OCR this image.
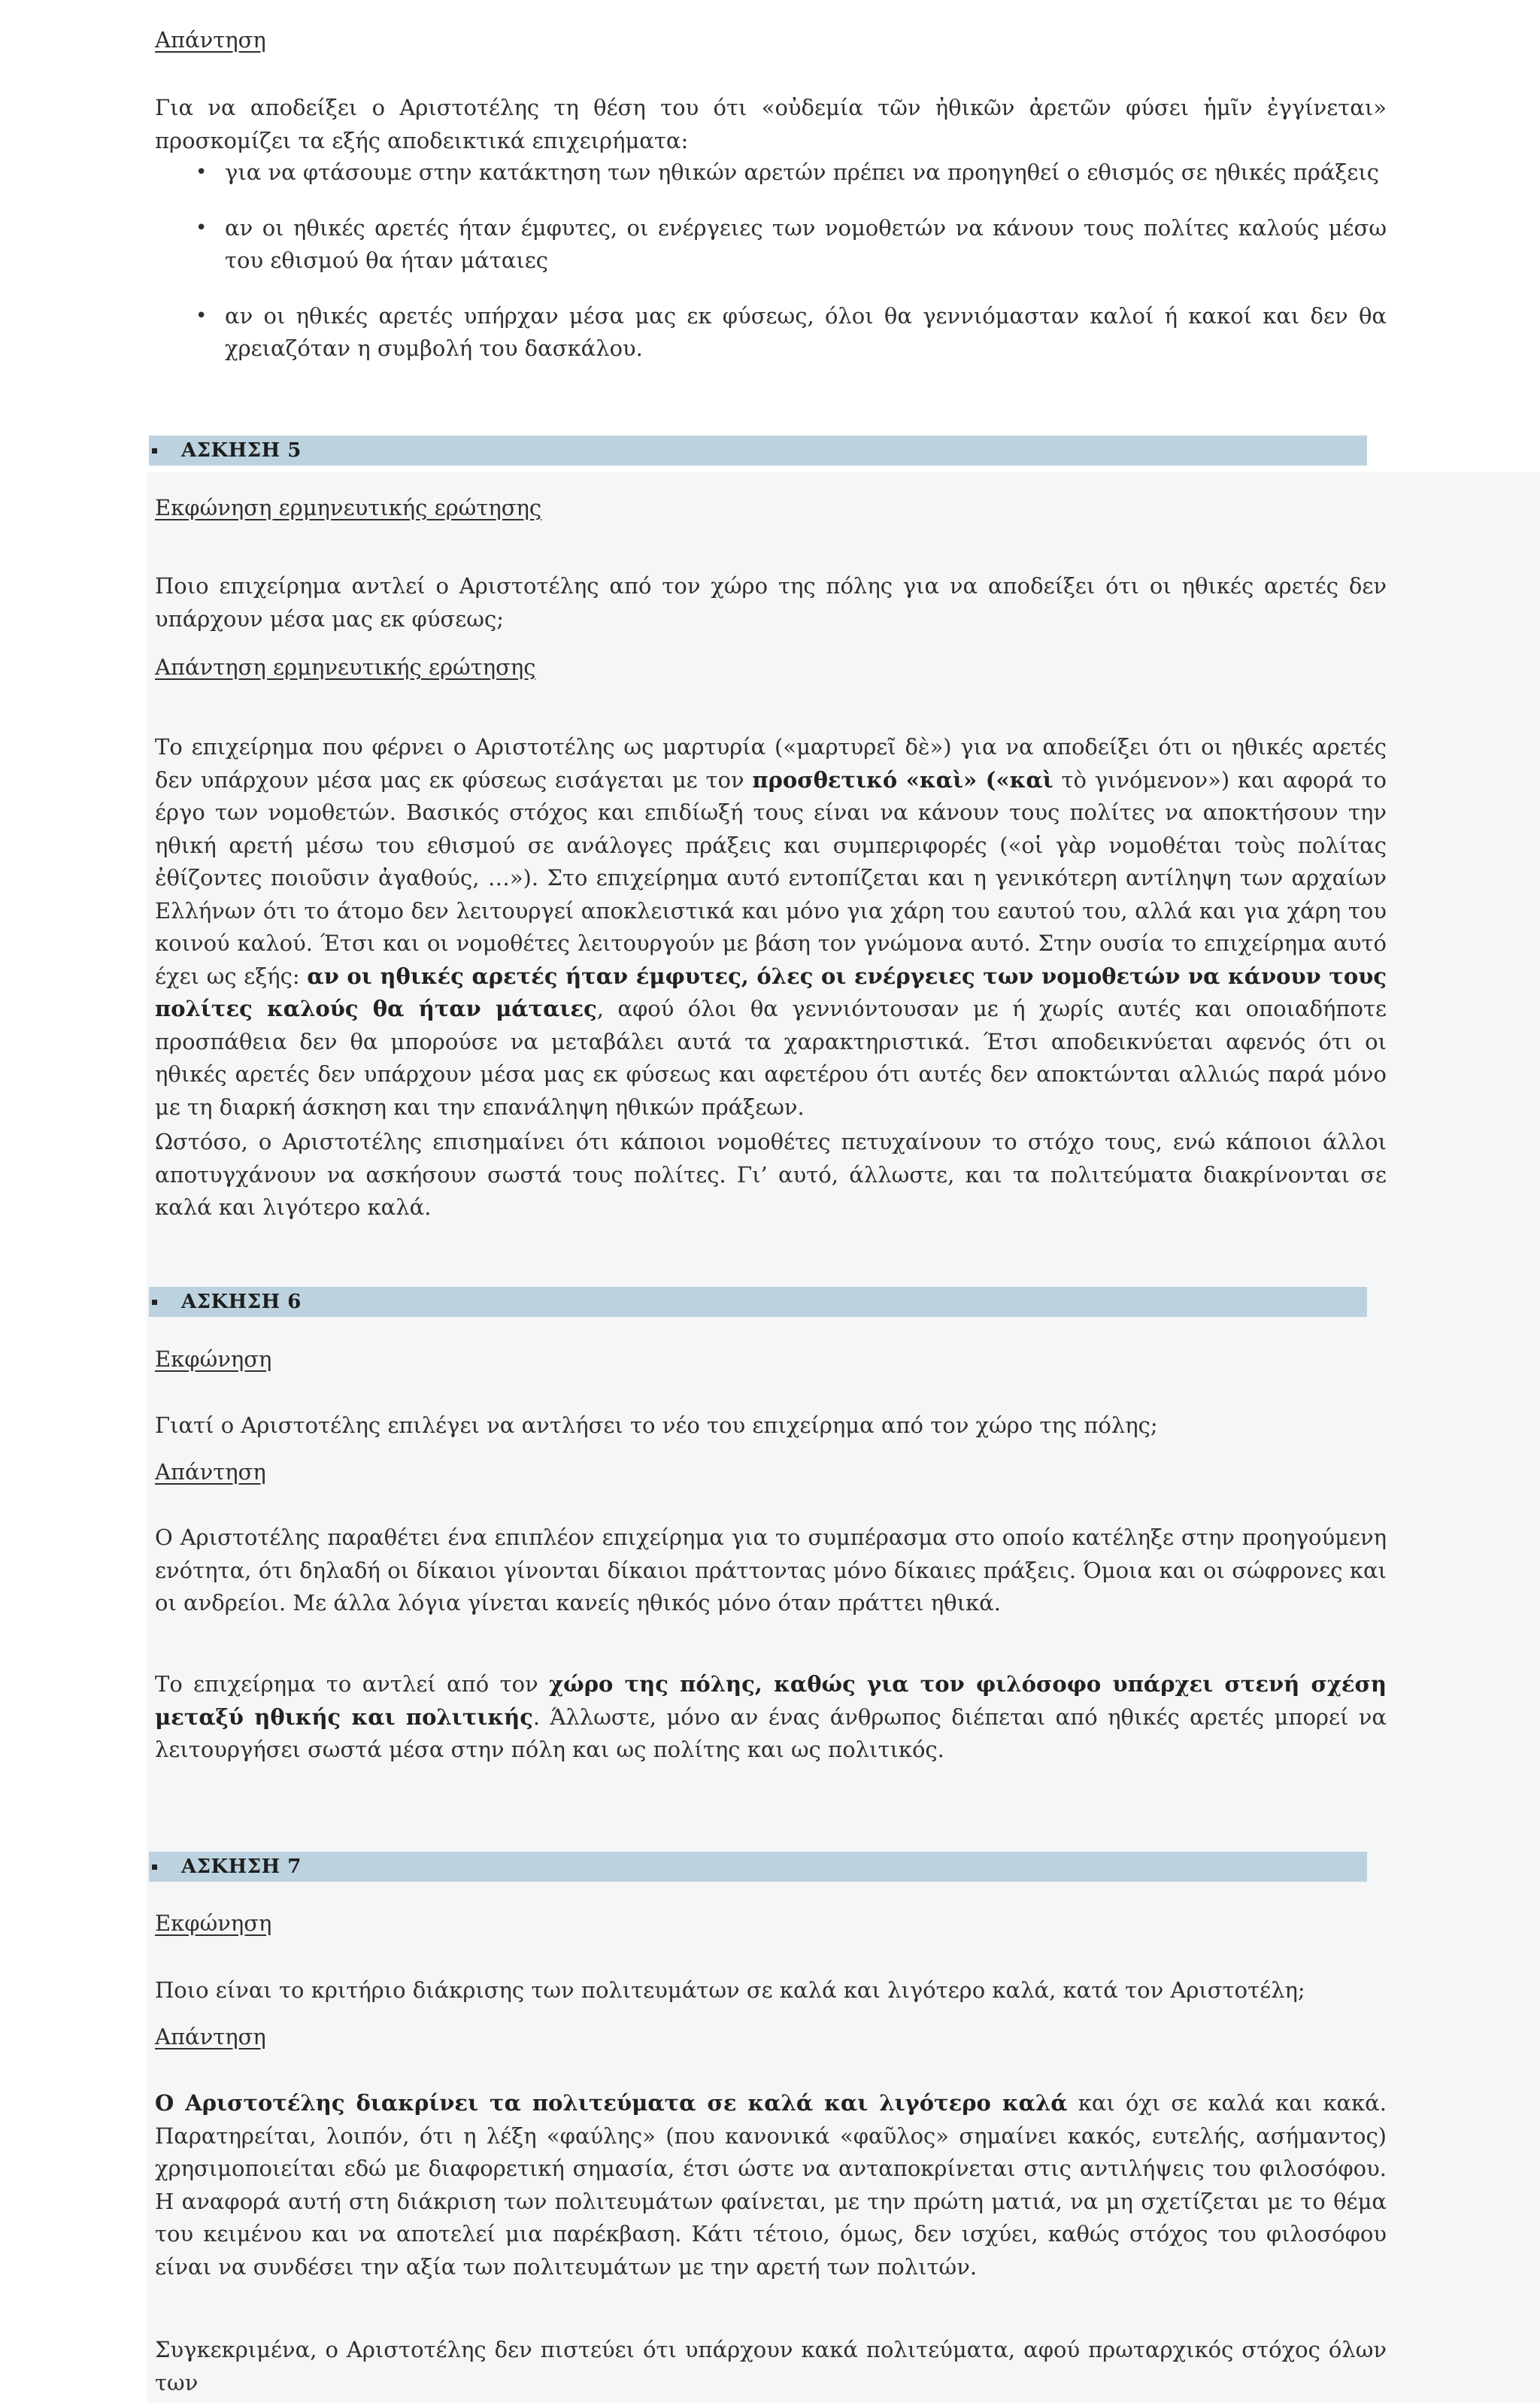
Απάντηση
Για να αποδείξει ο Αριστοτέλης τη θέση του ότι «οὐδεμία τῶν ἠθικῶν ἀρετῶν φύσει ἡμῖν ἐγγίνεται» προσκομίζει τα εξής αποδεικτικά επιχειρήματα:
• για να φτάσουμε στην κατάκτηση των ηθικών αρετών πρέπει να προηγηθεί ο εθισμός σε ηθικές πράξεις
• αν οι ηθικές αρετές ήταν έμφυτες, οι ενέργειες των νομοθετών να κάνουν τους πολίτες καλούς μέσω του εθισμού θα ήταν μάταιες
• αν οι ηθικές αρετές υπήρχαν μέσα μας εκ φύσεως, όλοι θα γεννιόμασταν καλοί ή κακοί και δεν θα χρειαζόταν η συμβολή του δασκάλου.
ΑΣΚΗΣΗ 5
Εκφώνηση ερμηνευτικής ερώτησης
Ποιο επιχείρημα αντλεί ο Αριστοτέλης από τον χώρο της πόλης για να αποδείξει ότι οι ηθικές αρετές δεν υπάρχουν μέσα μας εκ φύσεως;
Απάντηση ερμηνευτικής ερώτησης
Το επιχείρημα που φέρνει ο Αριστοτέλης ως μαρτυρία («μαρτυρεῖ δὲ») για να αποδείξει ότι οι ηθικές αρετές δεν υπάρχουν μέσα μας εκ φύσεως εισάγεται με τον προσθετικό «καὶ» («καὶ τὸ γινόμενον») και αφορά το έργο των νομοθετών. Βασικός στόχος και επιδίωξή τους είναι να κάνουν τους πολίτες να αποκτήσουν την ηθική αρετή μέσω του εθισμού σε ανάλογες πράξεις και συμπεριφορές («οἱ γὰρ νομοθέται τοὺς πολίτας ἐθίζοντες ποιοῦσιν ἀγαθούς, …»). Στο επιχείρημα αυτό εντοπίζεται και η γενικότερη αντίληψη των αρχαίων Ελλήνων ότι το άτομο δεν λειτουργεί αποκλειστικά και μόνο για χάρη του εαυτού του, αλλά και για χάρη του κοινού καλού. Έτσι και οι νομοθέτες λειτουργούν με βάση τον γνώμονα αυτό. Στην ουσία το επιχείρημα αυτό έχει ως εξής: αν οι ηθικές αρετές ήταν έμφυτες, όλες οι ενέργειες των νομοθετών να κάνουν τους πολίτες καλούς θα ήταν μάταιες, αφού όλοι θα γεννιόντουσαν με ή χωρίς αυτές και οποιαδήποτε προσπάθεια δεν θα μπορούσε να μεταβάλει αυτά τα χαρακτηριστικά. Έτσι αποδεικνύεται αφενός ότι οι ηθικές αρετές δεν υπάρχουν μέσα μας εκ φύσεως και αφετέρου ότι αυτές δεν αποκτώνται αλλιώς παρά μόνο με τη διαρκή άσκηση και την επανάληψη ηθικών πράξεων.
Ωστόσο, ο Αριστοτέλης επισημαίνει ότι κάποιοι νομοθέτες πετυχαίνουν το στόχο τους, ενώ κάποιοι άλλοι αποτυγχάνουν να ασκήσουν σωστά τους πολίτες. Γι’ αυτό, άλλωστε, και τα πολιτεύματα διακρίνονται σε καλά και λιγότερο καλά.
ΑΣΚΗΣΗ 6
Εκφώνηση
Γιατί ο Αριστοτέλης επιλέγει να αντλήσει το νέο του επιχείρημα από τον χώρο της πόλης;
Απάντηση
Ο Αριστοτέλης παραθέτει ένα επιπλέον επιχείρημα για το συμπέρασμα στο οποίο κατέληξε στην προηγούμενη ενότητα, ότι δηλαδή οι δίκαιοι γίνονται δίκαιοι πράττοντας μόνο δίκαιες πράξεις. Όμοια και οι σώφρονες και οι ανδρείοι. Με άλλα λόγια γίνεται κανείς ηθικός μόνο όταν πράττει ηθικά.
Το επιχείρημα το αντλεί από τον χώρο της πόλης, καθώς για τον φιλόσοφο υπάρχει στενή σχέση μεταξύ ηθικής και πολιτικής. Άλλωστε, μόνο αν ένας άνθρωπος διέπεται από ηθικές αρετές μπορεί να λειτουργήσει σωστά μέσα στην πόλη και ως πολίτης και ως πολιτικός.
ΑΣΚΗΣΗ 7
Εκφώνηση
Ποιο είναι το κριτήριο διάκρισης των πολιτευμάτων σε καλά και λιγότερο καλά, κατά τον Αριστοτέλη;
Απάντηση
Ο Αριστοτέλης διακρίνει τα πολιτεύματα σε καλά και λιγότερο καλά και όχι σε καλά και κακά. Παρατηρείται, λοιπόν, ότι η λέξη «φαύλης» (που κανονικά «φαῦλος» σημαίνει κακός, ευτελής, ασήμαντος) χρησιμοποιείται εδώ με διαφορετική σημασία, έτσι ώστε να ανταποκρίνεται στις αντιλήψεις του φιλοσόφου. Η αναφορά αυτή στη διάκριση των πολιτευμάτων φαίνεται, με την πρώτη ματιά, να μη σχετίζεται με το θέμα του κειμένου και να αποτελεί μια παρέκβαση. Κάτι τέτοιο, όμως, δεν ισχύει, καθώς στόχος του φιλοσόφου είναι να συνδέσει την αξία των πολιτευμάτων με την αρετή των πολιτών.
Συγκεκριμένα, ο Αριστοτέλης δεν πιστεύει ότι υπάρχουν κακά πολιτεύματα, αφού πρωταρχικός στόχος όλων των
